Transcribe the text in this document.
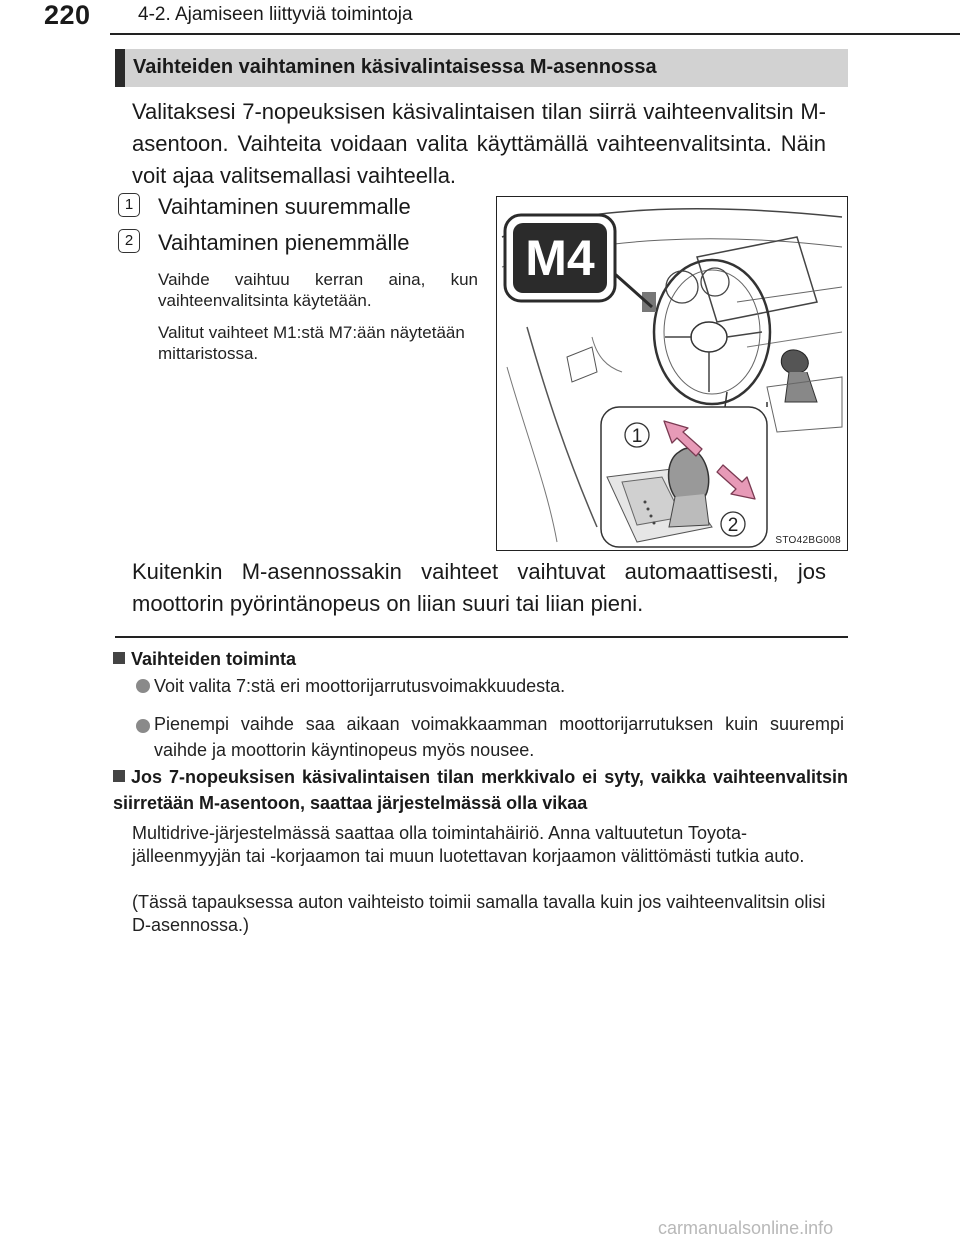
220 4-2. Ajamiseen liittyviä toimintoja
Vaihteiden vaihtaminen käsivalintaisessa M-asennossa
Valitaksesi 7-nopeuksisen käsivalintaisen tilan siirrä vaihteenvalitsin M-asentoon. Vaihteita voidaan valita käyttämällä vaihteenvalitsinta. Näin voit ajaa valitsemallasi vaihteella.
1	Vaihtaminen suuremmalle
2	Vaihtaminen pienemmälle
Vaihde vaihtuu kerran aina, kun vaihteenvalitsinta käytetään.
Valitut vaihteet M1:stä M7:ään näytetään mittaristossa.
M4
1
2
STO42BG008
Kuitenkin M-asennossakin vaihteet vaihtuvat automaattisesti, jos moottorin pyörintänopeus on liian suuri tai liian pieni.
Vaihteiden toiminta
Voit valita 7:stä eri moottorijarrutusvoimakkuudesta.
Pienempi vaihde saa aikaan voimakkaamman moottorijarrutuksen kuin suurempi vaihde ja moottorin käyntinopeus myös nousee.
Jos 7-nopeuksisen käsivalintaisen tilan merkkivalo ei syty, vaikka vaihteenvalitsin siirretään M-asentoon, saattaa järjestelmässä olla vikaa
Multidrive-järjestelmässä saattaa olla toimintahäiriö. Anna valtuutetun Toyota-jälleenmyyjän tai -korjaamon tai muun luotettavan korjaamon välittömästi tutkia auto.
(Tässä tapauksessa auton vaihteisto toimii samalla tavalla kuin jos vaihteenvalitsin olisi D-asennossa.)
carmanualsonline.info
